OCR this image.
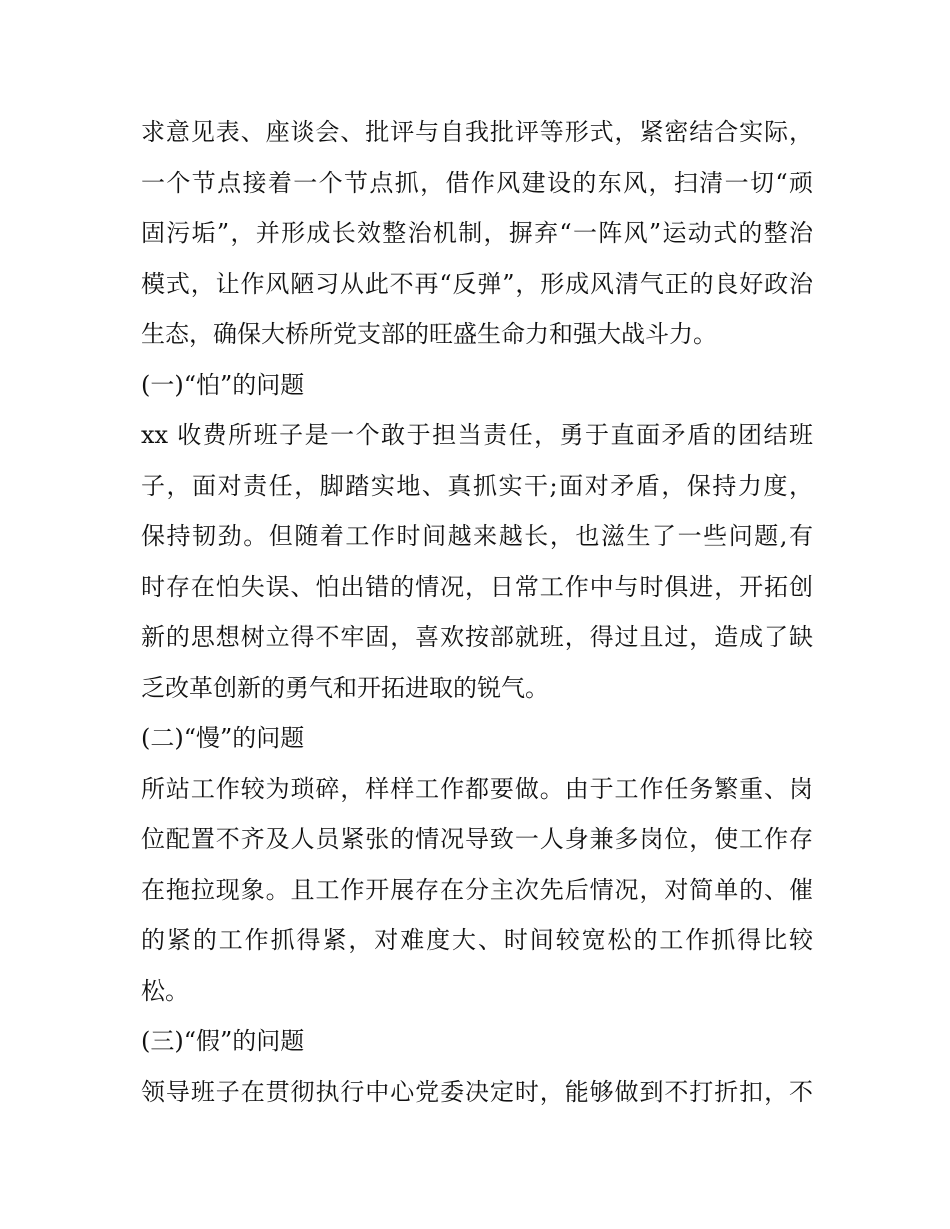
求意见表、座谈会、批评与自我批评等形式，紧密结合实际，
一个节点接着一个节点抓，借作风建设的东风，扫清一切“顽
固污垢”，并形成长效整治机制，摒弃“一阵风”运动式的整治
模式，让作风陋习从此不再“反弹”，形成风清气正的良好政治
生态，确保大桥所党支部的旺盛生命力和强大战斗力。
(一)“怕”的问题
xx 收费所班子是一个敢于担当责任，勇于直面矛盾的团结班
子，面对责任，脚踏实地、真抓实干;面对矛盾，保持力度，
保持韧劲。但随着工作时间越来越长，也滋生了一些问题,有
时存在怕失误、怕出错的情况，日常工作中与时俱进，开拓创
新的思想树立得不牢固，喜欢按部就班，得过且过，造成了缺
乏改革创新的勇气和开拓进取的锐气。
(二)“慢”的问题
所站工作较为琐碎，样样工作都要做。由于工作任务繁重、岗
位配置不齐及人员紧张的情况导致一人身兼多岗位，使工作存
在拖拉现象。且工作开展存在分主次先后情况，对简单的、催
的紧的工作抓得紧，对难度大、时间较宽松的工作抓得比较
松。
(三)“假”的问题
领导班子在贯彻执行中心党委决定时，能够做到不打折扣，不
